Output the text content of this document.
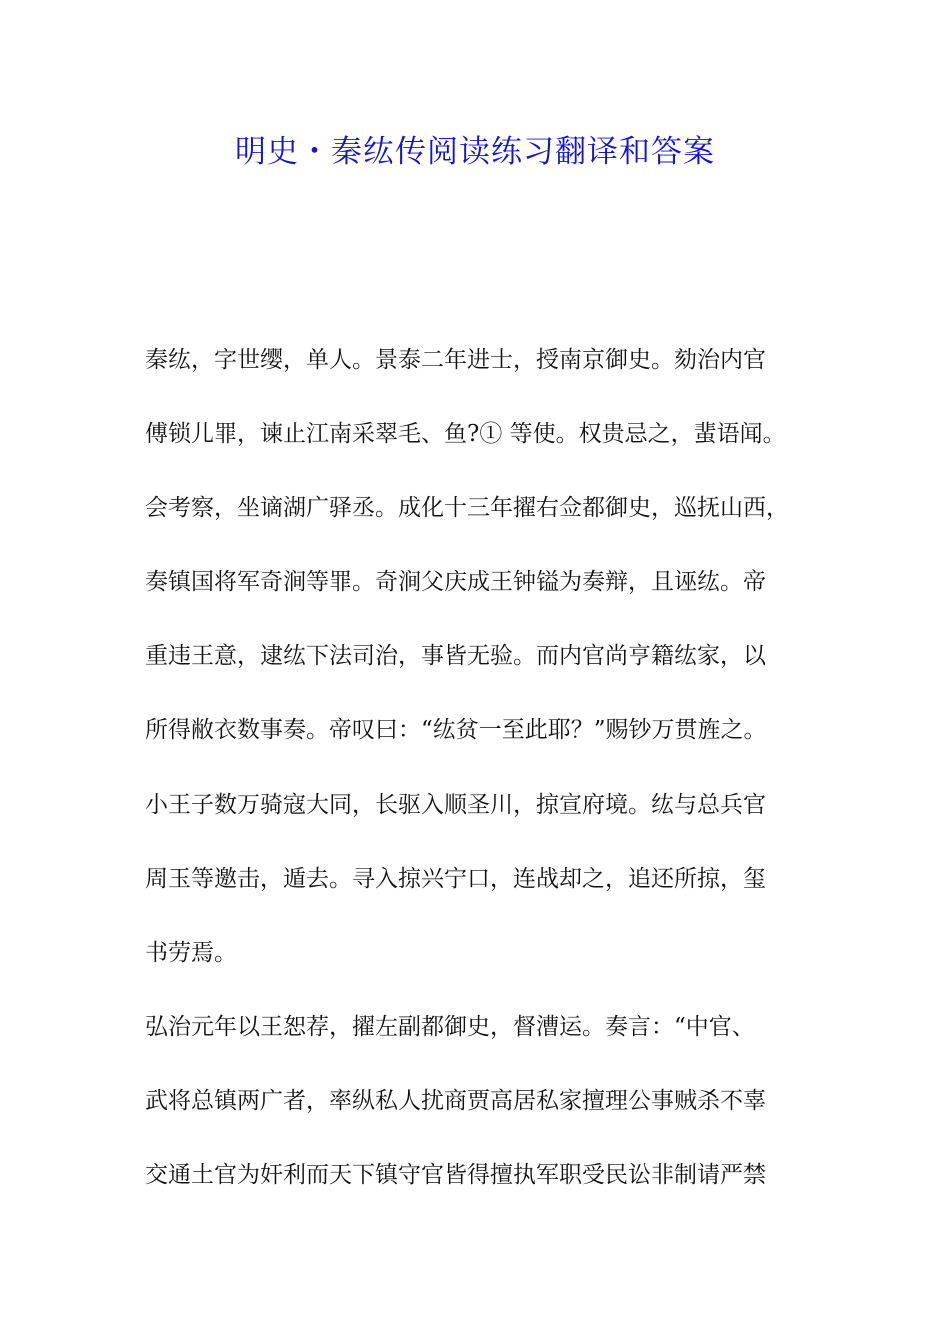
明史・秦纮传阅读练习翻译和答案
秦纮，字世缨，单人。景泰二年进士，授南京御史。劾治内官
傅锁儿罪，谏止江南采翠毛、鱼?① 等使。权贵忌之，蜚语闻。
会考察，坐谪湖广驿丞。成化十三年擢右佥都御史，巡抚山西，
奏镇国将军奇涧等罪。奇涧父庆成王钟镒为奏辩，且诬纮。帝
重违王意，逮纮下法司治，事皆无验。而内官尚亨籍纮家，以
所得敝衣数事奏。帝叹曰：“纮贫一至此耶？”赐钞万贯旌之。
小王子数万骑寇大同，长驱入顺圣川，掠宣府境。纮与总兵官
周玉等邀击，遁去。寻入掠兴宁口，连战却之，追还所掠，玺
书劳焉。
弘治元年以王恕荐，擢左副都御史，督漕运。奏言：“中官、
武将总镇两广者，率纵私人扰商贾高居私家擅理公事贼杀不辜
交通土官为奸利而天下镇守官皆得擅执军职受民讼非制请严禁
